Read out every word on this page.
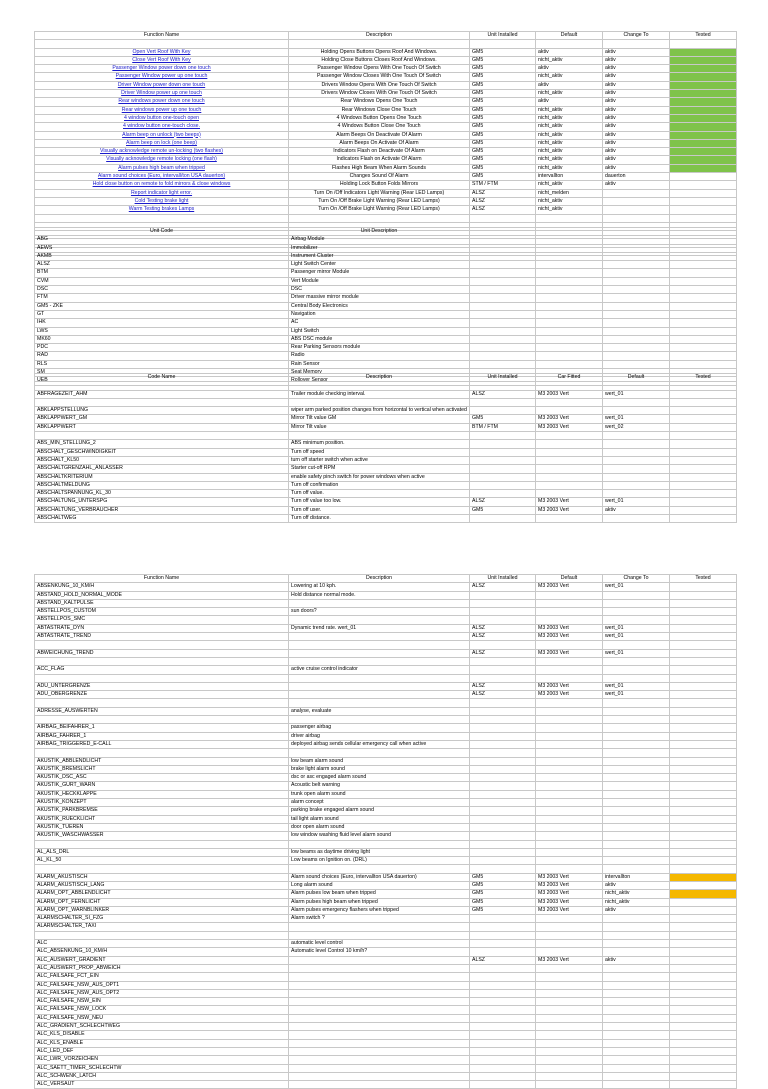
Function Name	Description	Unit Installed	Default	Change To	Tested

Open Vert Roof With Key	Holding Opens Buttons Opens Roof And Windows.	GM5	aktiv	aktiv	
Close Vert Roof With Key	Holding Close Buttons Closes Roof And Windows.	GM5	nicht_aktiv	aktiv	
Passenger Window power down one touch	Passenger Window Opens With One Touch Of Switch	GM5	aktiv	aktiv	
Passenger Window power up one touch	Passenger Window Closes With One Touch Of Switch	GM5	nicht_aktiv	aktiv	
Driver Window power down one touch	Drivers Window Opens With One Touch Of Switch	GM5	aktiv	aktiv	
Driver Window power up one touch	Drivers Window Closes With One Touch Of Switch	GM5	nicht_aktiv	aktiv	
Rear windows power down one touch	Rear Windows Opens One Touch	GM5	aktiv	aktiv	
Rear windows power up one touch	Rear Windows Close One Touch	GM5	nicht_aktiv	aktiv	
4 window button one-touch open	4 Windows Button Opens One Touch	GM5	nicht_aktiv	aktiv	
4 window button one-touch close.	4 Windows Button Close One Touch	GM5	nicht_aktiv	aktiv	
Alarm beep on unlock (two beeps)	Alarm Beeps On Deactivate Of Alarm	GM5	nicht_aktiv	aktiv	
Alarm beep on lock (one beep)	Alarm Beeps On Activate Of Alarm	GM5	nicht_aktiv	aktiv	
Visually acknowledge remote un-locking (two flashes)	Indicators Flash on Deactivate Of Alarm	GM5	nicht_aktiv	aktiv	
Visually acknowledge remote locking (one flash)	Indicators Flash on Activate Of Alarm	GM5	nicht_aktiv	aktiv	
Alarm pulses high beam when tripped	Flashes High Beam When Alarm Sounds	GM5	nicht_aktiv	aktiv	
Alarm sound choices (Euro, intervall/ton USA dauerton)	Changes Sound Of Alarm	GM5	intervallton	dauerton	
Hold close button on remote to fold mirrors & close windows	Holding Lock Button Folds Mirrors	STM / FTM	nicht_aktiv	aktiv	
Report indicator light error.	Turn On /Off Indicators Light Warning (Rear LED Lamps)	ALSZ	nicht_melden		
Cold Testing brake light	Turn On /Off Brake Light Warning (Rear LED Lamps)	ALSZ	nicht_aktiv		
Warm Testing brakes Lamps	Turn On /Off Brake Light Warning (Rear LED Lamps)	ALSZ	nicht_aktiv		

Unit Code	Unit Description				
ABG	Airbag Module				
AEWS	Immobilizer				
AKMB	Instrument Cluster				
ALSZ	Light Switch Center				
BTM	Passenger mirror Module				
CVM	Vert Module				
DSC	DSC				
FTM	Driver massive mirror module				
GM5 - ZKE	Central Body Electronics				
GT	Navigation				
IHK	AC				
LWS	Light Switch				
MK60	ABS DSC module				
PDC	Rear Parking Sensors module				
RAD	Radio				
RLS	Rain Sensor				
SM	Seat Memory				
UEB	Rollover Sensor				
Code Name	Description	Unit Installed	Car Fitted	Default	Tested

ABFRAGEZEIT_AHM	Trailer module checking interval.	ALSZ	M3 2003 Vert	wert_01	

ABKLAPPSTELLUNG	wiper arm parked position changes from horizontal to vertical when activated				
ABKLAPPWERT_GM	Mirror Tilt value GM	GM5	M3 2003 Vert	wert_01	
ABKLAPPWERT	Mirror Tilt value	BTM / FTM	M3 2003 Vert	wert_02	

ABS_MIN_STELLUNG_2	ABS minimum position.				
ABSCHALT_GESCHWINDIGKEIT	Turn off speed				
ABSCHALT_KL50	turn off starter switch when active				
ABSCHALTGRENZAHL_ANLASSER	Starter cut-off RPM				
ABSCHALTKRITERIUM	enable safety pinch switch for power windows when active				
ABSCHALTMELDUNG	Turn off confirmation				
ABSCHALTSPANNUNG_KL_30	Turn off value.				
ABSCHALTUNG_UNTERSPG	Turn off value too low.	ALSZ	M3 2003 Vert	wert_01	
ABSCHALTUNG_VERBRAUCHER	Turn off user.	GM5	M3 2003 Vert	aktiv	
ABSCHALTWEG	Turn off distance.				
Function Name	Description	Unit Installed	Default	Change To	Tested
ABSENKUNG_10_KM/H	Lowering at 10 kph.	ALSZ	M3 2003 Vert	wert_01	
ABSTAND_HOLD_NORMAL_MODE	Hold distance normal mode.				
ABSTAND_KALTPULSE					
ABSTELLPOS_CUSTOM	sun doors?				
ABSTELLPOS_SMC					
ABTASTRATE_DYN	Dynamic trend rate. wert_01	ALSZ	M3 2003 Vert	wert_01	
ABTASTRATE_TREND		ALSZ	M3 2003 Vert	wert_01	

ABWEICHUNG_TREND		ALSZ	M3 2003 Vert	wert_01	

ACC_FLAG	active cruise control indicator				

ADU_UNTERGRENZE		ALSZ	M3 2003 Vert	wert_01	
ADU_OBERGRENZE		ALSZ	M3 2003 Vert	wert_01	

ADRESSE_AUSWERTEN	analyse, evaluate				

AIRBAG_BEIFAHRER_1	passenger airbag				
AIRBAG_FAHRER_1	driver airbag				
AIRBAG_TRIGGERED_E-CALL	deployed airbag sends cellular emergency call when active				

AKUSTIK_ABBLENDLICHT	low beam alarm sound				
AKUSTIK_BREMSLICHT	brake light alarm sound				
AKUSTIK_DSC_ASC	dsc or asc engaged alarm sound				
AKUSTIK_GURT_WARN	Acoustic belt warning				
AKUSTIK_HECKKLAPPE	trunk open alarm sound				
AKUSTIK_KONZEPT	alarm concept				
AKUSTIK_PARKBREMSE	parking brake engaged alarm sound				
AKUSTIK_RUECKLICHT	tail light alarm sound				
AKUSTIK_TUEREN	door open alarm sound				
AKUSTIK_WASCHWASSER	low window washing fluid level alarm sound				

AL_ALS_DRL	low beams as daytime driving light				
AL_KL_50	Low beams on Ignition on. (DRL)				

ALARM_AKUSTISCH	Alarm sound choices (Euro, intervallton USA dauerton)	GM5	M3 2003 Vert	intervallton	
ALARM_AKUSTISCH_LANG	Long alarm sound	GM5	M3 2003 Vert	aktiv	
ALARM_OPT_ABBLENDLICHT	Alarm pulses low beam when tripped	GM5	M3 2003 Vert	nicht_aktiv	
ALARM_OPT_FERNLICHT	Alarm pulses high beam when tripped	GM5	M3 2003 Vert	nicht_aktiv	
ALARM_OPT_WARNBLINKER	Alarm pulses emergency flashers when tripped	GM5	M3 2003 Vert	aktiv	
ALARMSCHALTER_SI_FZG	Alarm switch ?				
ALARMSCHALTER_TAXI					

ALC	automatic level control				
ALC_ABSENKUNG_10_KM/H	Automatic level Control 10 km/h?				
ALC_AUSWERT_GRADIENT		ALSZ	M3 2003 Vert	aktiv	
ALC_AUSWERT_PROP_ABWEICH					
ALC_FAILSAFE_FCT_EIN					
ALC_FAILSAFE_NSW_AUS_OPT1					
ALC_FAILSAFE_NSW_AUS_OPT2					
ALC_FAILSAFE_NSW_EIN					
ALC_FAILSAFE_NSW_LOCK					
ALC_FAILSAFE_NSW_NEU					
ALC_GRADIENT_SCHLECHTWEG					
ALC_KLS_DISABLE					
ALC_KLS_ENABLE					
ALC_LED_DEF					
ALC_LWR_VORZEICHEN					
ALC_SAETT_TIMER_SCHLECHTW					
ALC_SCHWENK_LATCH					
ALC_VERSAUT					
